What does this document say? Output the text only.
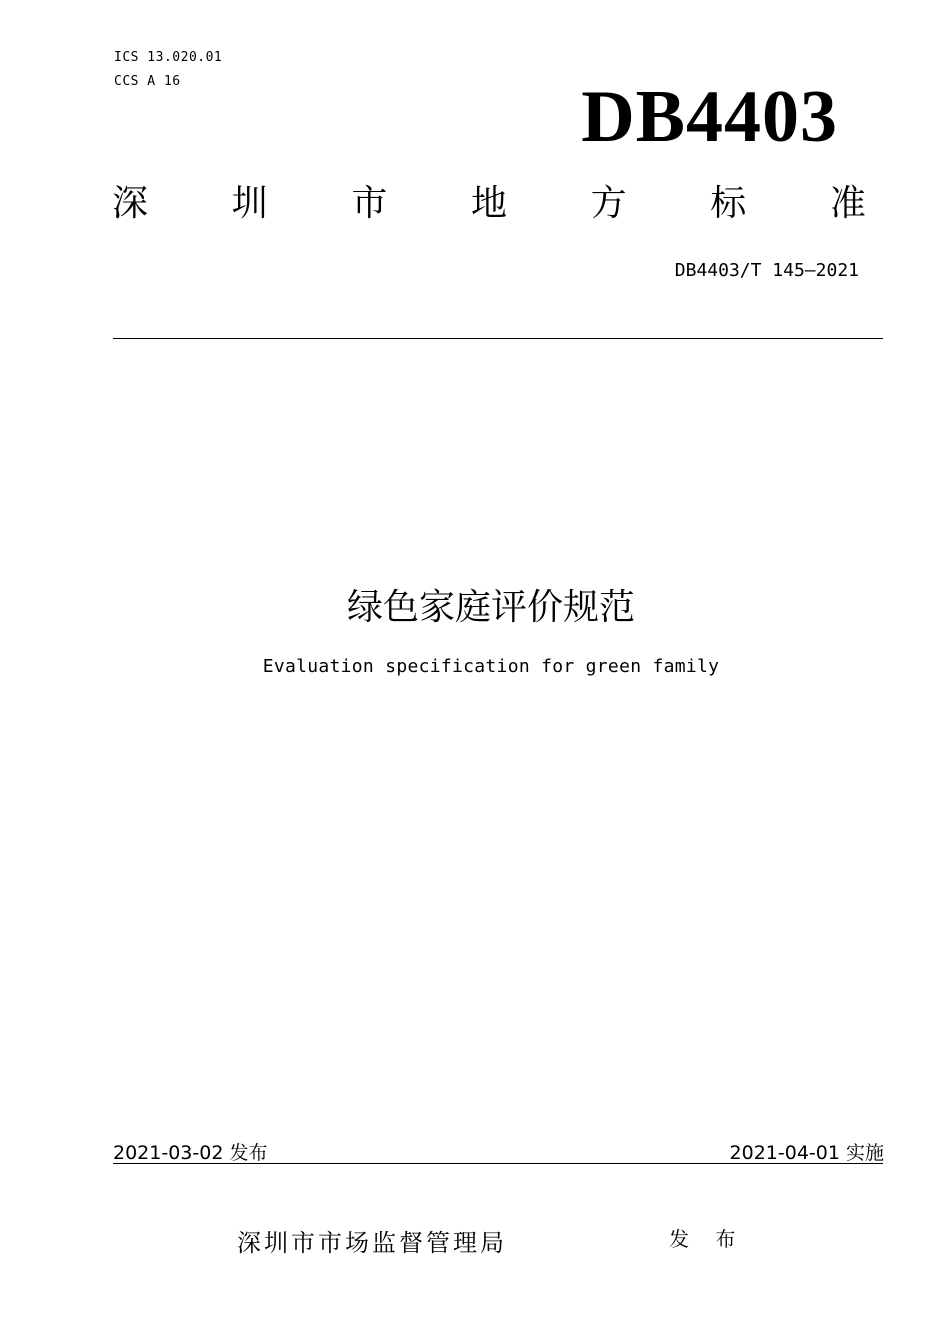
ICS 13.020.01
CCS A 16	DB4403
深 圳 市 地 方 标 准
DB4403/T 145—2021
绿色家庭评价规范
Evaluation specification for green family
2021-03-02 发布	2021-04-01 实施
深圳市市场监督管理局	发 布
